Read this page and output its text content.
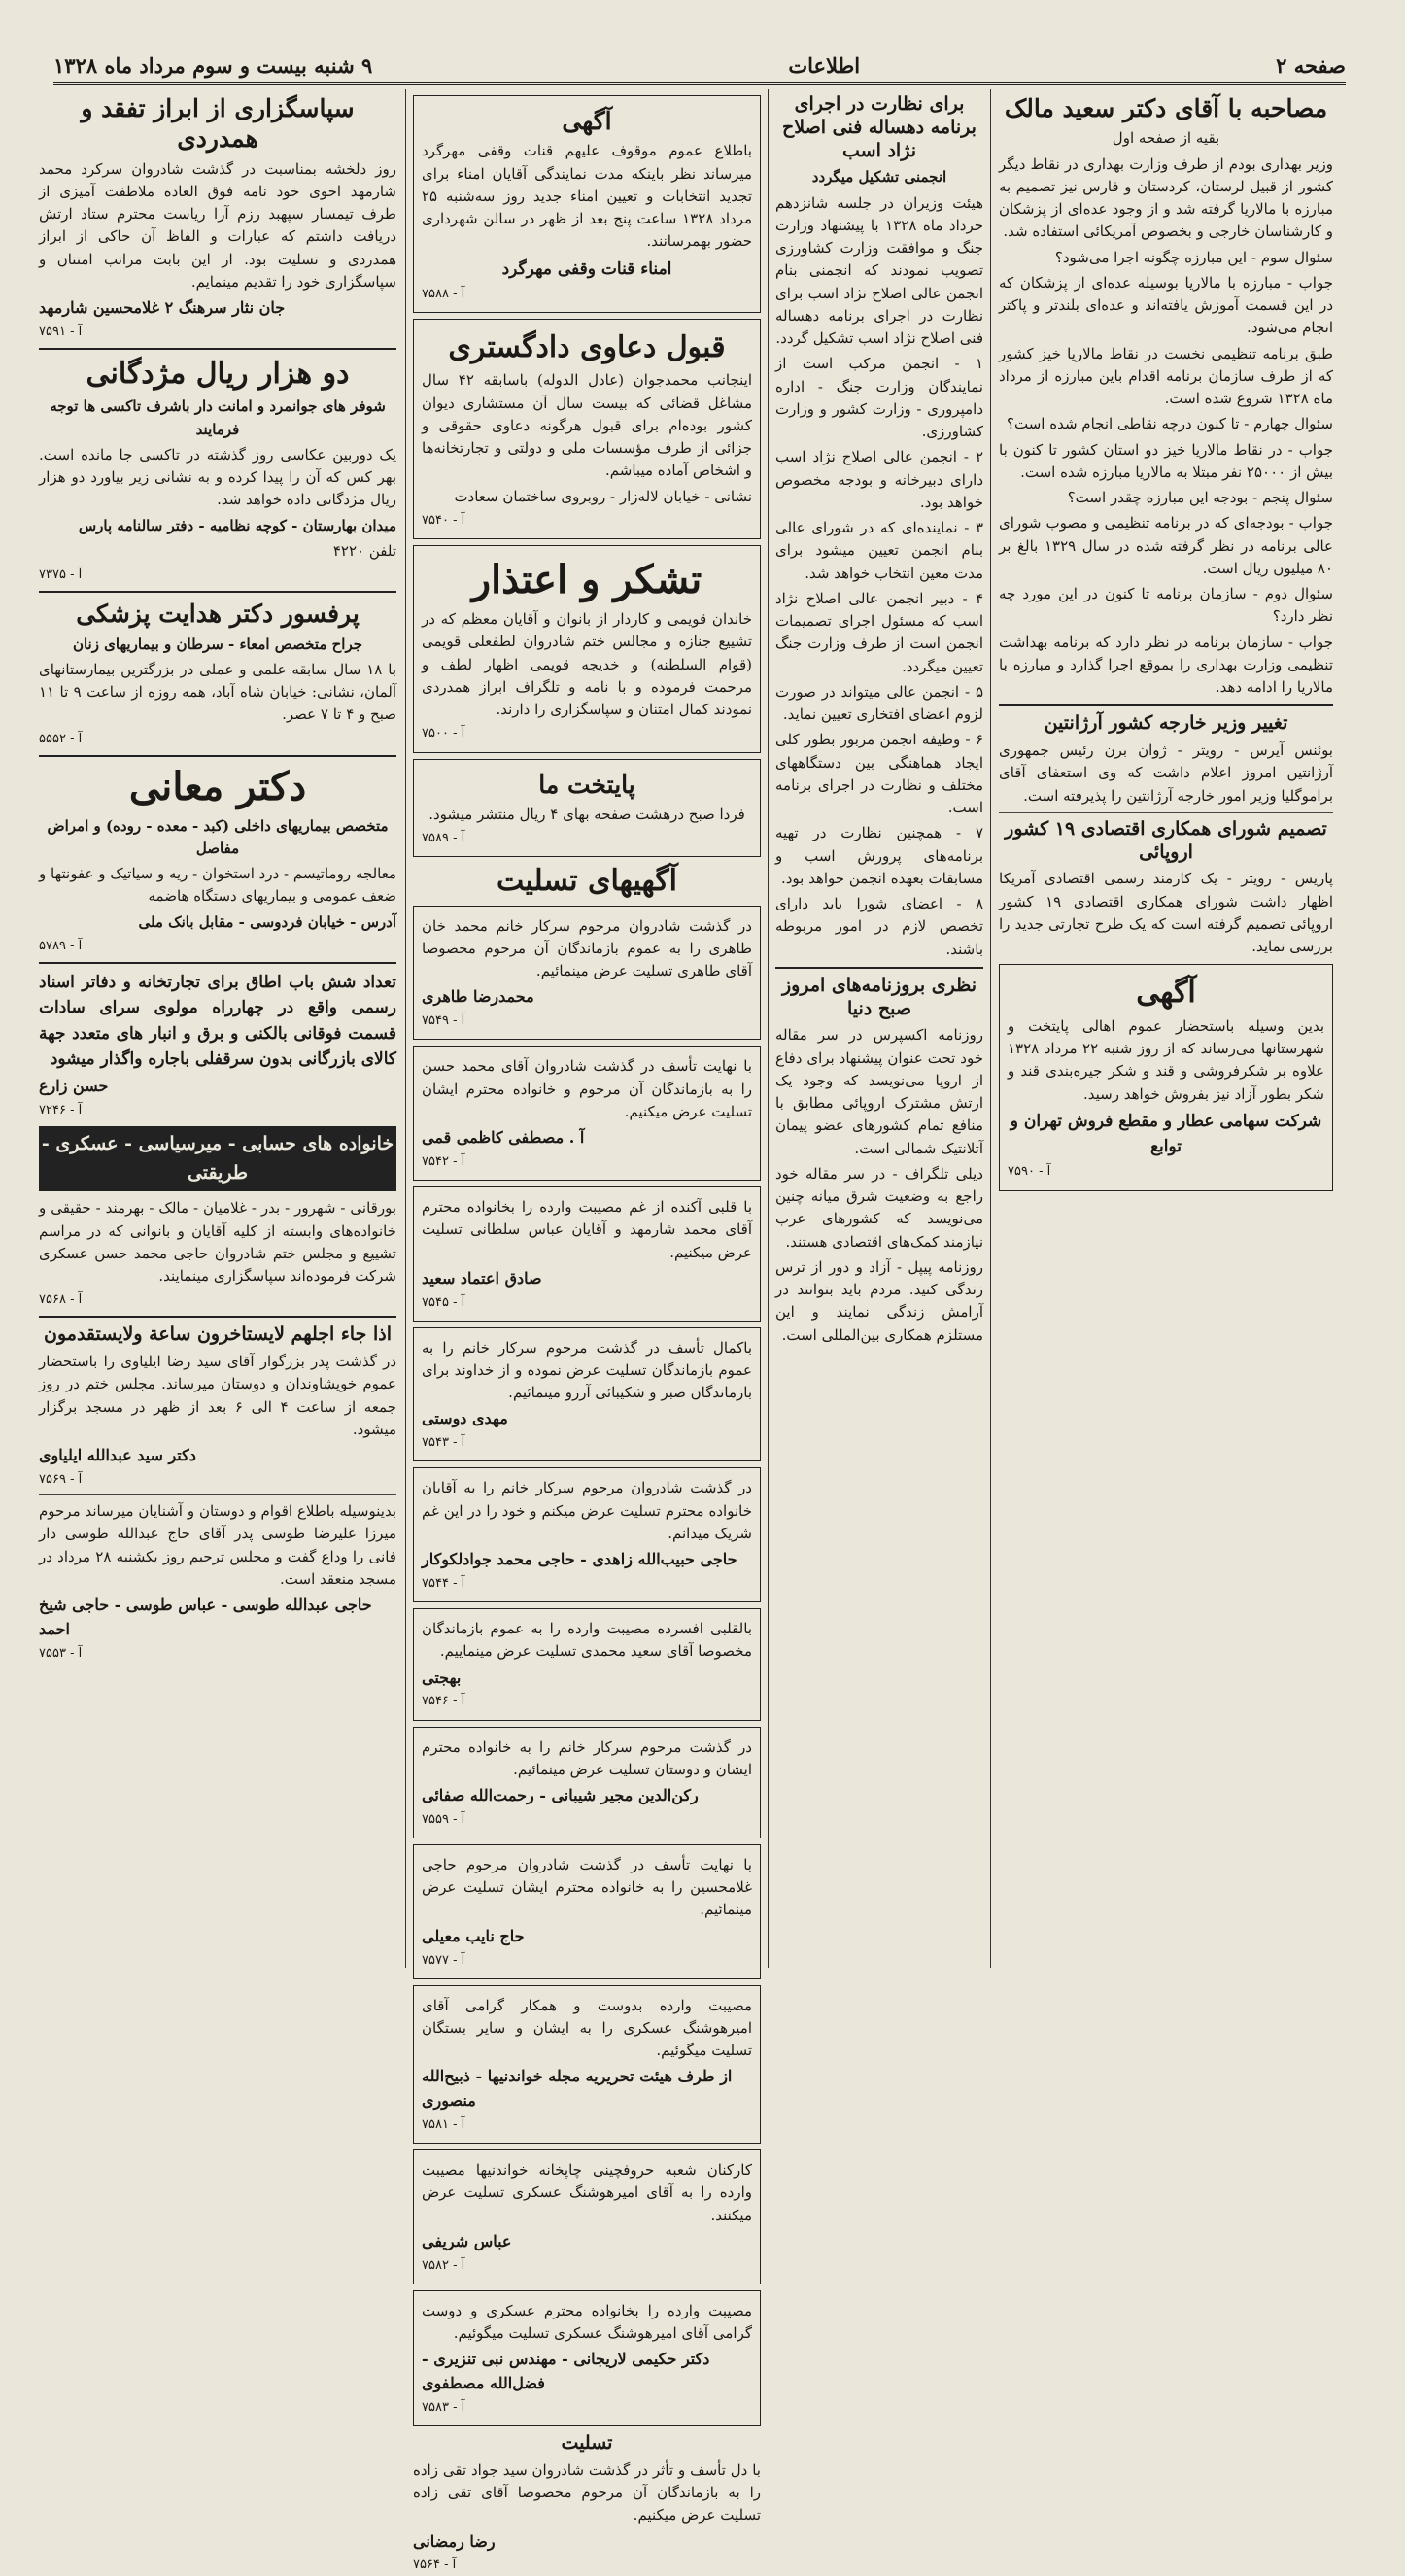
صفحه ۲
اطلاعات
۹ شنبه بیست و سوم مرداد ماه ۱۳۲۸
مصاحبه با آقای دکتر سعید مالک

بقیه از صفحه اول

وزیر بهداری بودم از طرف وزارت بهداری در نقاط دیگر کشور از قبیل لرستان، کردستان و فارس نیز تصمیم به مبارزه با مالاریا گرفته شد و از وجود عده‌ای از پزشکان و کارشناسان خارجی و بخصوص آمریکائی استفاده شد.

سئوال سوم - این مبارزه چگونه اجرا می‌شود؟

جواب - مبارزه با مالاریا بوسیله عده‌ای از پزشکان که در این قسمت آموزش یافته‌اند و عده‌ای بلندتر و پاکتر انجام می‌شود.

طبق برنامه تنظیمی نخست در نقاط مالاریا خیز کشور که از طرف سازمان برنامه اقدام باین مبارزه از مرداد ماه ۱۳۲۸ شروع شده است.

سئوال چهارم - تا کنون درچه نقاطی انجام شده است؟

جواب - در نقاط مالاریا خیز دو استان کشور تا کنون با بیش از ۲۵۰۰۰ نفر مبتلا به مالاریا مبارزه شده است.

سئوال پنجم - بودجه این مبارزه چقدر است؟

جواب - بودجه‌ای که در برنامه تنظیمی و مصوب شورای عالی برنامه در نظر گرفته شده در سال ۱۳۲۹ بالغ بر ۸۰ میلیون ریال است.

سئوال دوم - سازمان برنامه تا کنون در این مورد چه نظر دارد؟

جواب - سازمان برنامه در نظر دارد که برنامه بهداشت تنظیمی وزارت بهداری را بموقع اجرا گذارد و مبارزه با مالاریا را ادامه دهد.

تغییر وزیر خارجه کشور آرژانتین

بوئنس آیرس - رویتر - ژوان برن رئیس جمهوری آرژانتین امروز اعلام داشت که وی استعفای آقای براموگلیا وزیر امور خارجه آرژانتین را پذیرفته است.

تصمیم شورای همکاری اقتصادی ۱۹ کشور اروپائی

پاریس - رویتر - یک کارمند رسمی اقتصادی آمریکا اظهار داشت شورای همکاری اقتصادی ۱۹ کشور اروپائی تصمیم گرفته است که یک طرح تجارتی جدید را بررسی نماید.

آگهی

بدین وسیله باستحضار عموم اهالی پایتخت و شهرستانها می‌رساند که از روز شنبه ۲۲ مرداد ۱۳۲۸ علاوه بر شکرفروشی و قند و شکر جیره‌بندی قند و شکر بطور آزاد نیز بفروش خواهد رسید.

شرکت سهامی عطار و مقطع فروش تهران و توابع

آ - ۷۵۹۰

برای نظارت در اجرای برنامه دهساله فنی اصلاح نژاد اسب

انجمنی تشکیل میگردد

هیئت وزیران در جلسه شانزدهم خرداد ماه ۱۳۲۸ با پیشنهاد وزارت جنگ و موافقت وزارت کشاورزی تصویب نمودند که انجمنی بنام انجمن عالی اصلاح نژاد اسب برای نظارت در اجرای برنامه دهساله فنی اصلاح نژاد اسب تشکیل گردد.

۱ - انجمن مرکب است از نمایندگان وزارت جنگ - اداره دامپروری - وزارت کشور و وزارت کشاورزی.

۲ - انجمن عالی اصلاح نژاد اسب دارای دبیرخانه و بودجه مخصوص خواهد بود.

۳ - نماینده‌ای که در شورای عالی بنام انجمن تعیین میشود برای مدت معین انتخاب خواهد شد.

۴ - دبیر انجمن عالی اصلاح نژاد اسب که مسئول اجرای تصمیمات انجمن است از طرف وزارت جنگ تعیین میگردد.

۵ - انجمن عالی میتواند در صورت لزوم اعضای افتخاری تعیین نماید.

۶ - وظیفه انجمن مزبور بطور کلی ایجاد هماهنگی بین دستگاههای مختلف و نظارت در اجرای برنامه است.

۷ - همچنین نظارت در تهیه برنامه‌های پرورش اسب و مسابقات بعهده انجمن خواهد بود.

۸ - اعضای شورا باید دارای تخصص لازم در امور مربوطه باشند.

نظری بروزنامه‌های امروز صبح دنیا

روزنامه اکسپرس در سر مقاله خود تحت عنوان پیشنهاد برای دفاع از اروپا می‌نویسد که وجود یک ارتش مشترک اروپائی مطابق با منافع تمام کشورهای عضو پیمان آتلانتیک شمالی است.

دیلی تلگراف - در سر مقاله خود راجع به وضعیت شرق میانه چنین می‌نویسد که کشورهای عرب نیازمند کمک‌های اقتصادی هستند.

روزنامه پیپل - آزاد و دور از ترس زندگی کنید. مردم باید بتوانند در آرامش زندگی نمایند و این مستلزم همکاری بین‌المللی است.

آگهی

باطلاع عموم موقوف علیهم قنات وقفی مهرگرد میرساند نظر باینکه مدت نمایندگی آقایان امناء برای تجدید انتخابات و تعیین امناء جدید روز سه‌شنبه ۲۵ مرداد ۱۳۲۸ ساعت پنج بعد از ظهر در سالن شهرداری حضور بهمرسانند.

امناء قنات وقفی مهرگرد

آ - ۷۵۸۸

قبول دعاوی دادگستری

اینجانب محمدجوان (عادل الدوله) باسابقه ۴۲ سال مشاغل قضائی که بیست سال آن مستشاری دیوان کشور بوده‌ام برای قبول هرگونه دعاوی حقوقی و جزائی از طرف مؤسسات ملی و دولتی و تجارتخانه‌ها و اشخاص آماده میباشم.

نشانی - خیابان لاله‌زار - روبروی ساختمان سعادت

آ - ۷۵۴۰

تشکر و اعتذار

خاندان قویمی و کاردار از بانوان و آقایان معظم که در تشییع جنازه و مجالس ختم شادروان لطفعلی قویمی (قوام السلطنه) و خدیجه قویمی اظهار لطف و مرحمت فرموده و با نامه و تلگراف ابراز همدردی نمودند کمال امتنان و سپاسگزاری را دارند.

آ - ۷۵۰۰

پایتخت ما

فردا صبح درهشت صفحه بهای ۴ ریال منتشر میشود.

آ - ۷۵۸۹

آگهیهای تسلیت

در گذشت شادروان مرحوم سرکار خانم محمد خان طاهری را به عموم بازماندگان آن مرحوم مخصوصا آقای طاهری تسلیت عرض مینمائیم.

محمدرضا طاهری

آ - ۷۵۴۹

با نهایت تأسف در گذشت شادروان آقای محمد حسن را به بازماندگان آن مرحوم و خانواده محترم ایشان تسلیت عرض میکنیم.

آ . مصطفی کاظمی قمی

آ - ۷۵۴۲

با قلبی آکنده از غم مصیبت وارده را بخانواده محترم آقای محمد شارمهد و آقایان عباس سلطانی تسلیت عرض میکنیم.

صادق اعتماد سعید

آ - ۷۵۴۵

باکمال تأسف در گذشت مرحوم سرکار خانم را به عموم بازماندگان تسلیت عرض نموده و از خداوند برای بازماندگان صبر و شکیبائی آرزو مینمائیم.

مهدی دوستی

آ - ۷۵۴۳

در گذشت شادروان مرحوم سرکار خانم را به آقایان خانواده محترم تسلیت عرض میکنم و خود را در این غم شریک میدانم.

حاجی حبیب‌الله زاهدی - حاجی محمد جوادلکوکار

آ - ۷۵۴۴

بالقلبی افسرده مصیبت وارده را به عموم بازماندگان مخصوصا آقای سعید محمدی تسلیت عرض مینماییم.

بهجتی

آ - ۷۵۴۶

در گذشت مرحوم سرکار خانم را به خانواده محترم ایشان و دوستان تسلیت عرض مینمائیم.

رکن‌الدین مجیر شیبانی - رحمت‌الله صفائی

آ - ۷۵۵۹

با نهایت تأسف در گذشت شادروان مرحوم حاجی غلامحسین را به خانواده محترم ایشان تسلیت عرض مینمائیم.

حاج نایب معیلی

آ - ۷۵۷۷

مصیبت وارده بدوست و همکار گرامی آقای امیرهوشنگ عسکری را به ایشان و سایر بستگان تسلیت میگوئیم.

از طرف هیئت تحریریه مجله خواندنیها - ذبیح‌الله منصوری

آ - ۷۵۸۱

کارکنان شعبه حروفچینی چاپخانه خواندنیها مصیبت وارده را به آقای امیرهوشنگ عسکری تسلیت عرض میکنند.

عباس شریفی

آ - ۷۵۸۲

مصیبت وارده را بخانواده محترم عسکری و دوست گرامی آقای امیرهوشنگ عسکری تسلیت میگوئیم.

دکتر حکیمی لاریجانی - مهندس نبی تنزیری - فضل‌الله مصطفوی

آ - ۷۵۸۳

تسلیت

با دل تأسف و تأثر در گذشت شادروان سید جواد تقی زاده را به بازماندگان آن مرحوم مخصوصا آقای تقی زاده تسلیت عرض میکنیم.

رضا رمضانی

آ - ۷۵۶۴

سپاسگزاری از ابراز تفقد و همدردی

روز دلخشه بمناسبت در گذشت شادروان سرکرد محمد شارمهد اخوی خود نامه فوق العاده ملاطفت آمیزی از طرف تیمسار سپهبد رزم آرا ریاست محترم ستاد ارتش دریافت داشتم که عبارات و الفاظ آن حاکی از ابراز همدردی و تسلیت بود. از این بابت مراتب امتنان و سپاسگزاری خود را تقدیم مینمایم.

جان نثار سرهنگ ۲ غلامحسین شارمهد

آ - ۷۵۹۱

دو هزار ریال مژدگانی

شوفر های جوانمرد و امانت دار باشرف تاکسی ها توجه فرمایند

یک دوربین عکاسی روز گذشته در تاکسی جا مانده است. بهر کس که آن را پیدا کرده و به نشانی زیر بیاورد دو هزار ریال مژدگانی داده خواهد شد.

میدان بهارستان - کوچه نظامیه - دفتر سالنامه پارس

تلفن ۴۲۲۰

آ - ۷۳۷۵

پرفسور دکتر هدایت پزشکی

جراح متخصص امعاء - سرطان و بیماریهای زنان

با ۱۸ سال سابقه علمی و عملی در بزرگترین بیمارستانهای آلمان، نشانی: خیابان شاه آباد، همه روزه از ساعت ۹ تا ۱۱ صبح و ۴ تا ۷ عصر.

آ - ۵۵۵۲

دکتر معانی

متخصص بیماریهای داخلی (کبد - معده - روده) و امراض مفاصل

معالجه روماتیسم - درد استخوان - ریه و سیاتیک و عفونتها و ضعف عمومی و بیماریهای دستگاه هاضمه

آدرس - خیابان فردوسی - مقابل بانک ملی

آ - ۵۷۸۹

تعداد شش باب اطاق برای تجارتخانه و دفاتر اسناد رسمی واقع در چهارراه مولوی سرای سادات قسمت فوقانی بالکنی و برق و انبار های متعدد جهة کالای بازرگانی بدون سرقفلی باجاره واگذار میشود

حسن زارع

آ - ۷۲۴۶

خانواده های حسابی - میرسیاسی - عسکری - طریقتی

بورقانی - شهرور - بدر - غلامیان - مالک - بهرمند - حقیقی و خانواده‌های وابسته از کلیه آقایان و بانوانی که در مراسم تشییع و مجلس ختم شادروان حاجی محمد حسن عسکری شرکت فرموده‌اند سپاسگزاری مینمایند.

آ - ۷۵۶۸

اذا جاء اجلهم لایستاخرون ساعة ولایستقدمون

در گذشت پدر بزرگوار آقای سید رضا ایلیاوی را باستحضار عموم خویشاوندان و دوستان میرساند. مجلس ختم در روز جمعه از ساعت ۴ الی ۶ بعد از ظهر در مسجد برگزار میشود.

دکتر سید عبدالله ایلیاوی

آ - ۷۵۶۹

بدینوسیله باطلاع اقوام و دوستان و آشنایان میرساند مرحوم میرزا علیرضا طوسی پدر آقای حاج عبدالله طوسی دار فانی را وداع گفت و مجلس ترحیم روز یکشنبه ۲۸ مرداد در مسجد منعقد است.

حاجی عبدالله طوسی - عباس طوسی - حاجی شیخ احمد

آ - ۷۵۵۳
